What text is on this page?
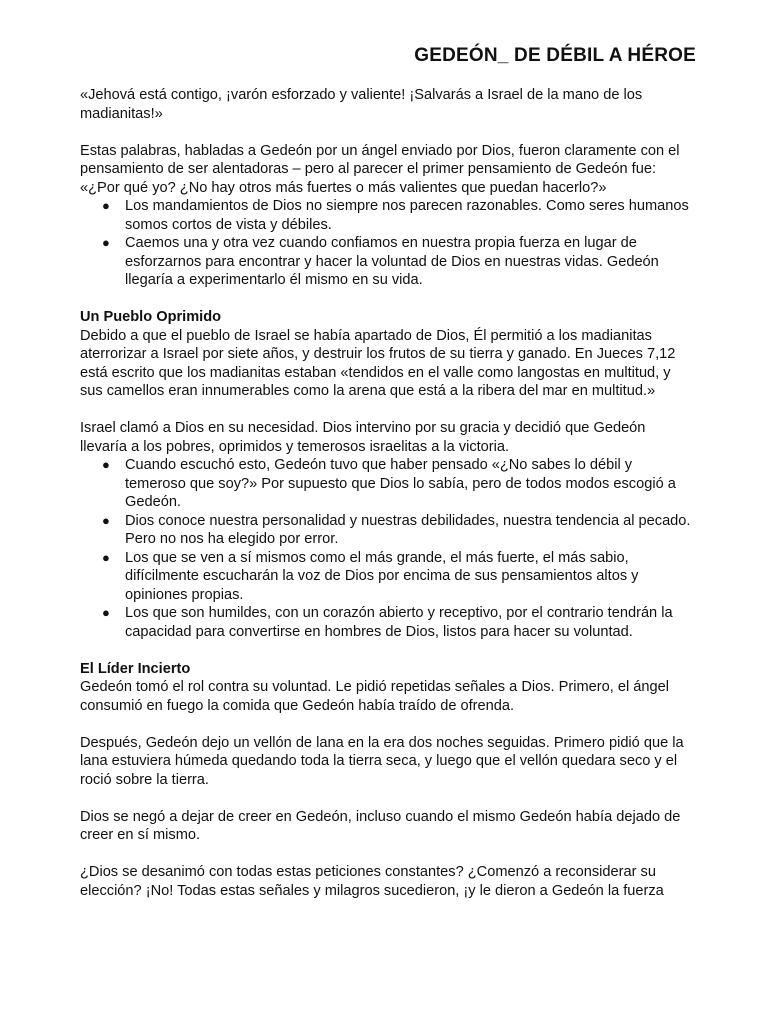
GEDEÓN_ DE DÉBIL A HÉROE

«Jehová está contigo, ¡varón esforzado y valiente! ¡Salvarás a Israel de la mano de los madianitas!»

Estas palabras, habladas a Gedeón por un ángel enviado por Dios, fueron claramente con el pensamiento de ser alentadoras – pero al parecer el primer pensamiento de Gedeón fue: «¿Por qué yo? ¿No hay otros más fuertes o más valientes que puedan hacerlo?»

● Los mandamientos de Dios no siempre nos parecen razonables. Como seres humanos somos cortos de vista y débiles.
● Caemos una y otra vez cuando confiamos en nuestra propia fuerza en lugar de esforzarnos para encontrar y hacer la voluntad de Dios en nuestras vidas. Gedeón llegaría a experimentarlo él mismo en su vida.

Un Pueblo Oprimido

Debido a que el pueblo de Israel se había apartado de Dios, Él permitió a los madianitas aterrorizar a Israel por siete años, y destruir los frutos de su tierra y ganado. En Jueces 7,12 está escrito que los madianitas estaban «tendidos en el valle como langostas en multitud, y sus camellos eran innumerables como la arena que está a la ribera del mar en multitud.»

Israel clamó a Dios en su necesidad. Dios intervino por su gracia y decidió que Gedeón llevaría a los pobres, oprimidos y temerosos israelitas a la victoria.

● Cuando escuchó esto, Gedeón tuvo que haber pensado «¿No sabes lo débil y temeroso que soy?» Por supuesto que Dios lo sabía, pero de todos modos escogió a Gedeón.
● Dios conoce nuestra personalidad y nuestras debilidades, nuestra tendencia al pecado. Pero no nos ha elegido por error.
● Los que se ven a sí mismos como el más grande, el más fuerte, el más sabio, difícilmente escucharán la voz de Dios por encima de sus pensamientos altos y opiniones propias.
● Los que son humildes, con un corazón abierto y receptivo, por el contrario tendrán la capacidad para convertirse en hombres de Dios, listos para hacer su voluntad.

El Líder Incierto

Gedeón tomó el rol contra su voluntad. Le pidió repetidas señales a Dios. Primero, el ángel consumió en fuego la comida que Gedeón había traído de ofrenda.

Después, Gedeón dejo un vellón de lana en la era dos noches seguidas. Primero pidió que la lana estuviera húmeda quedando toda la tierra seca, y luego que el vellón quedara seco y el roció sobre la tierra.

Dios se negó a dejar de creer en Gedeón, incluso cuando el mismo Gedeón había dejado de creer en sí mismo.

¿Dios se desanimó con todas estas peticiones constantes? ¿Comenzó a reconsiderar su elección? ¡No! Todas estas señales y milagros sucedieron, ¡y le dieron a Gedeón la fuerza
